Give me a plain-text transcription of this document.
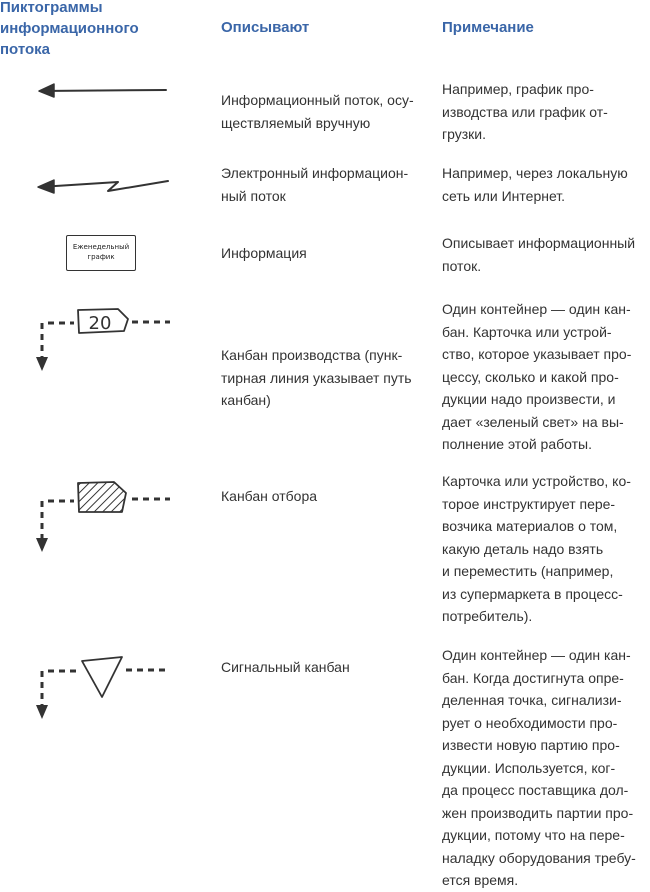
Пиктограммы информационного потока
Описывают	Примечание
Информационный поток, осу-
ществляемый вручную
Например, график про-
изводства или график от-
грузки.
Электронный информацион-
ный поток
Например, через локальную
сеть или Интернет.
Еженедельный график	Информация
Описывает информационный
поток.
20
Канбан производства (пунк-
тирная линия указывает путь
канбан)
Один контейнер — один кан-
бан. Карточка или устрой-
ство, которое указывает про-
цессу, сколько и какой про-
дукции надо произвести, и
дает «зеленый свет» на вы-
полнение этой работы.
Канбан отбора
Карточка или устройство, ко-
торое инструктирует пере-
возчика материалов о том,
какую деталь надо взять
и переместить (например,
из супермаркета в процесс-
потребитель).
Сигнальный канбан
Один контейнер — один кан-
бан. Когда достигнута опре-
деленная точка, сигнализи-
рует о необходимости про-
извести новую партию про-
дукции. Используется, ког-
да процесс поставщика дол-
жен производить партии про-
дукции, потому что на пере-
наладку оборудования требу-
ется время.
